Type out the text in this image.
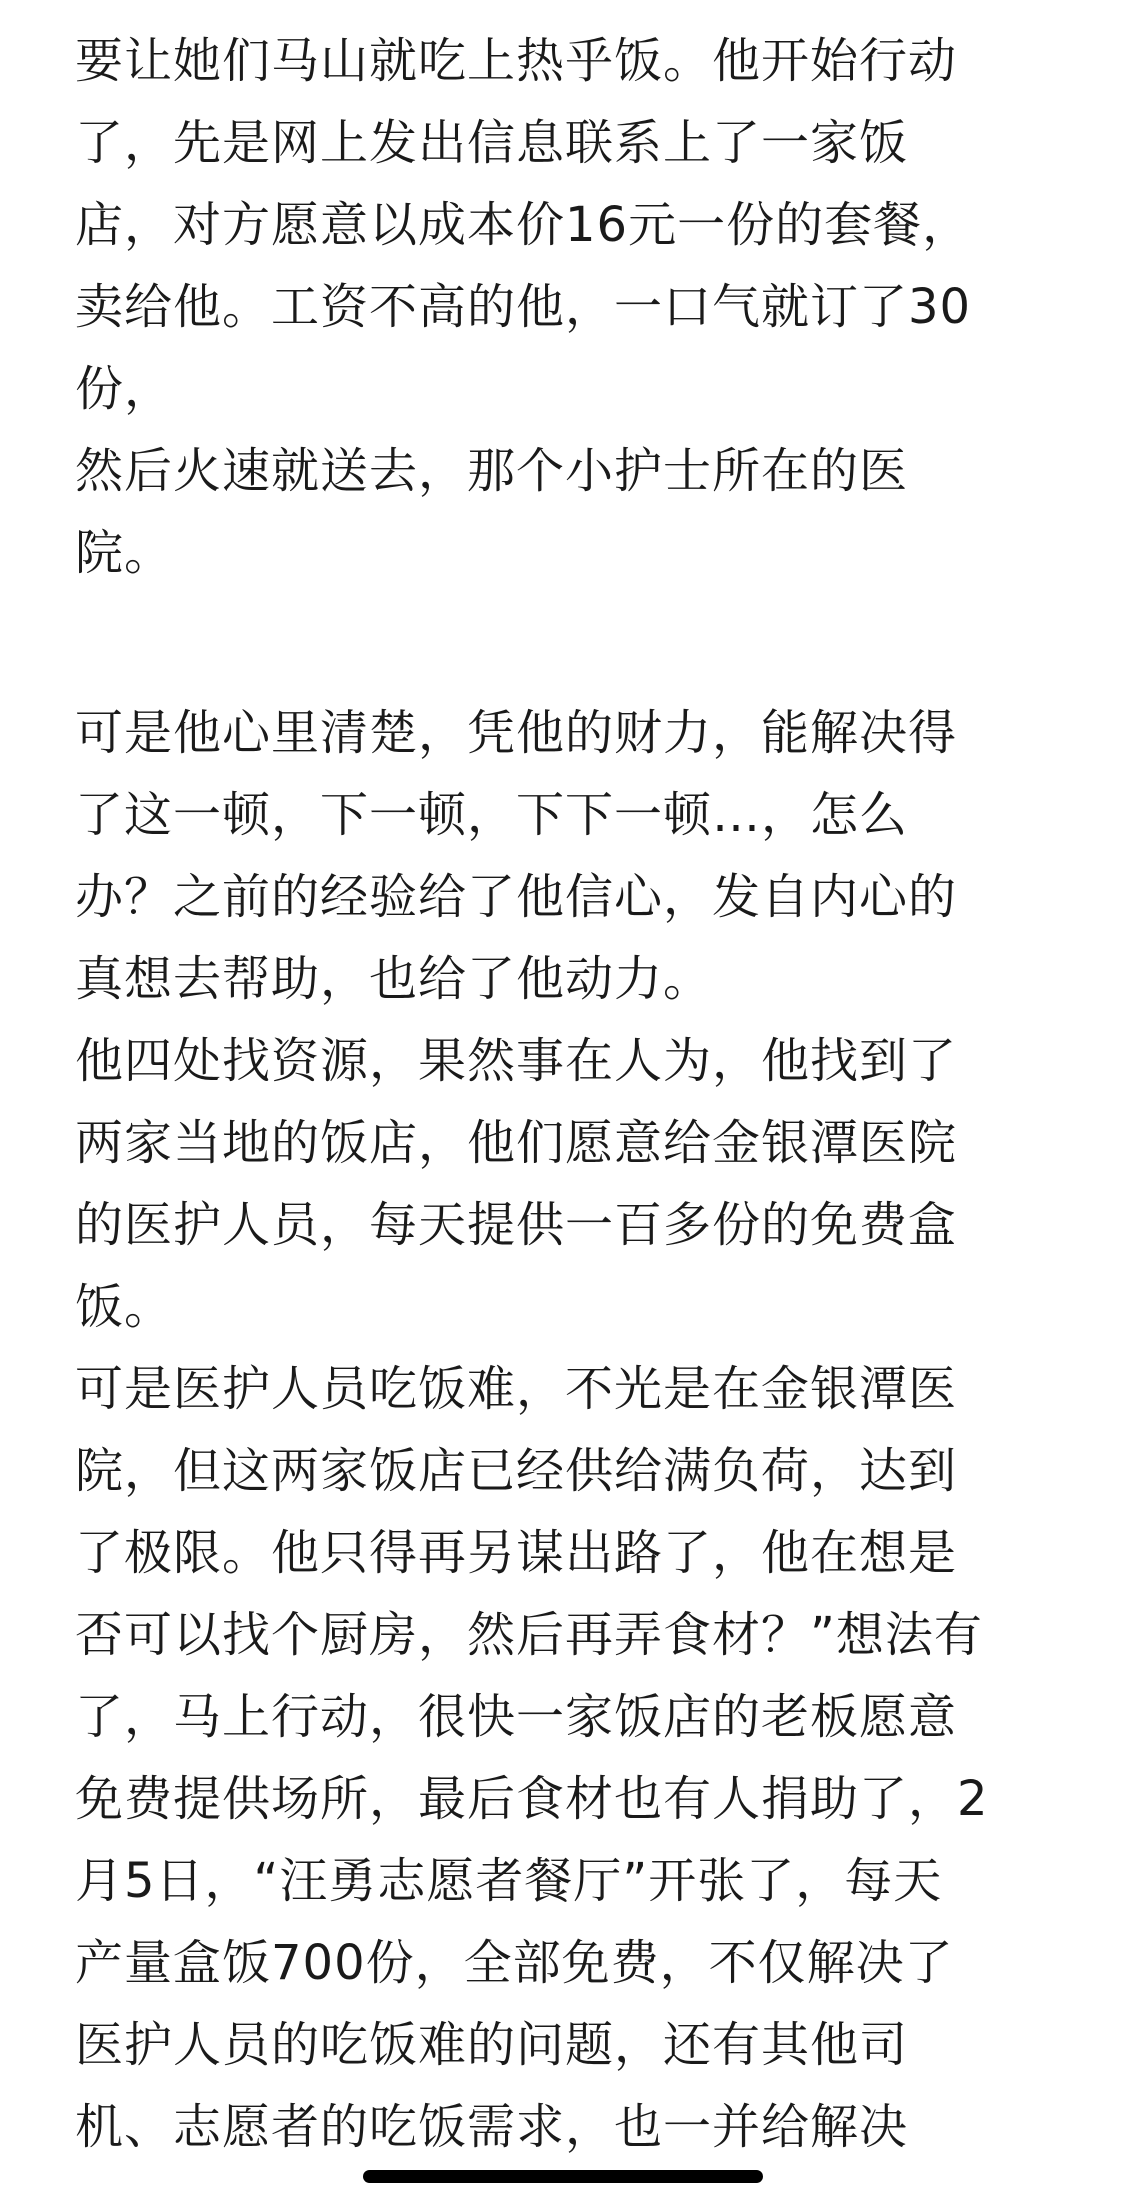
要让她们马山就吃上热乎饭。他开始行动
了，先是网上发出信息联系上了一家饭
店，对方愿意以成本价16元一份的套餐，
卖给他。工资不高的他，一口气就订了30
份，
然后火速就送去，那个小护士所在的医
院。
可是他心里清楚，凭他的财力，能解决得
了这一顿，下一顿，下下一顿…，怎么
办？之前的经验给了他信心，发自内心的
真想去帮助，也给了他动力。
他四处找资源，果然事在人为，他找到了
两家当地的饭店，他们愿意给金银潭医院
的医护人员，每天提供一百多份的免费盒
饭。
可是医护人员吃饭难，不光是在金银潭医
院，但这两家饭店已经供给满负荷，达到
了极限。他只得再另谋出路了，他在想是
否可以找个厨房，然后再弄食材？”想法有
了，马上行动，很快一家饭店的老板愿意
免费提供场所，最后食材也有人捐助了，2
月5日，“汪勇志愿者餐厅”开张了，每天
产量盒饭700份，全部免费，不仅解决了
医护人员的吃饭难的问题，还有其他司
机、志愿者的吃饭需求，也一并给解决
